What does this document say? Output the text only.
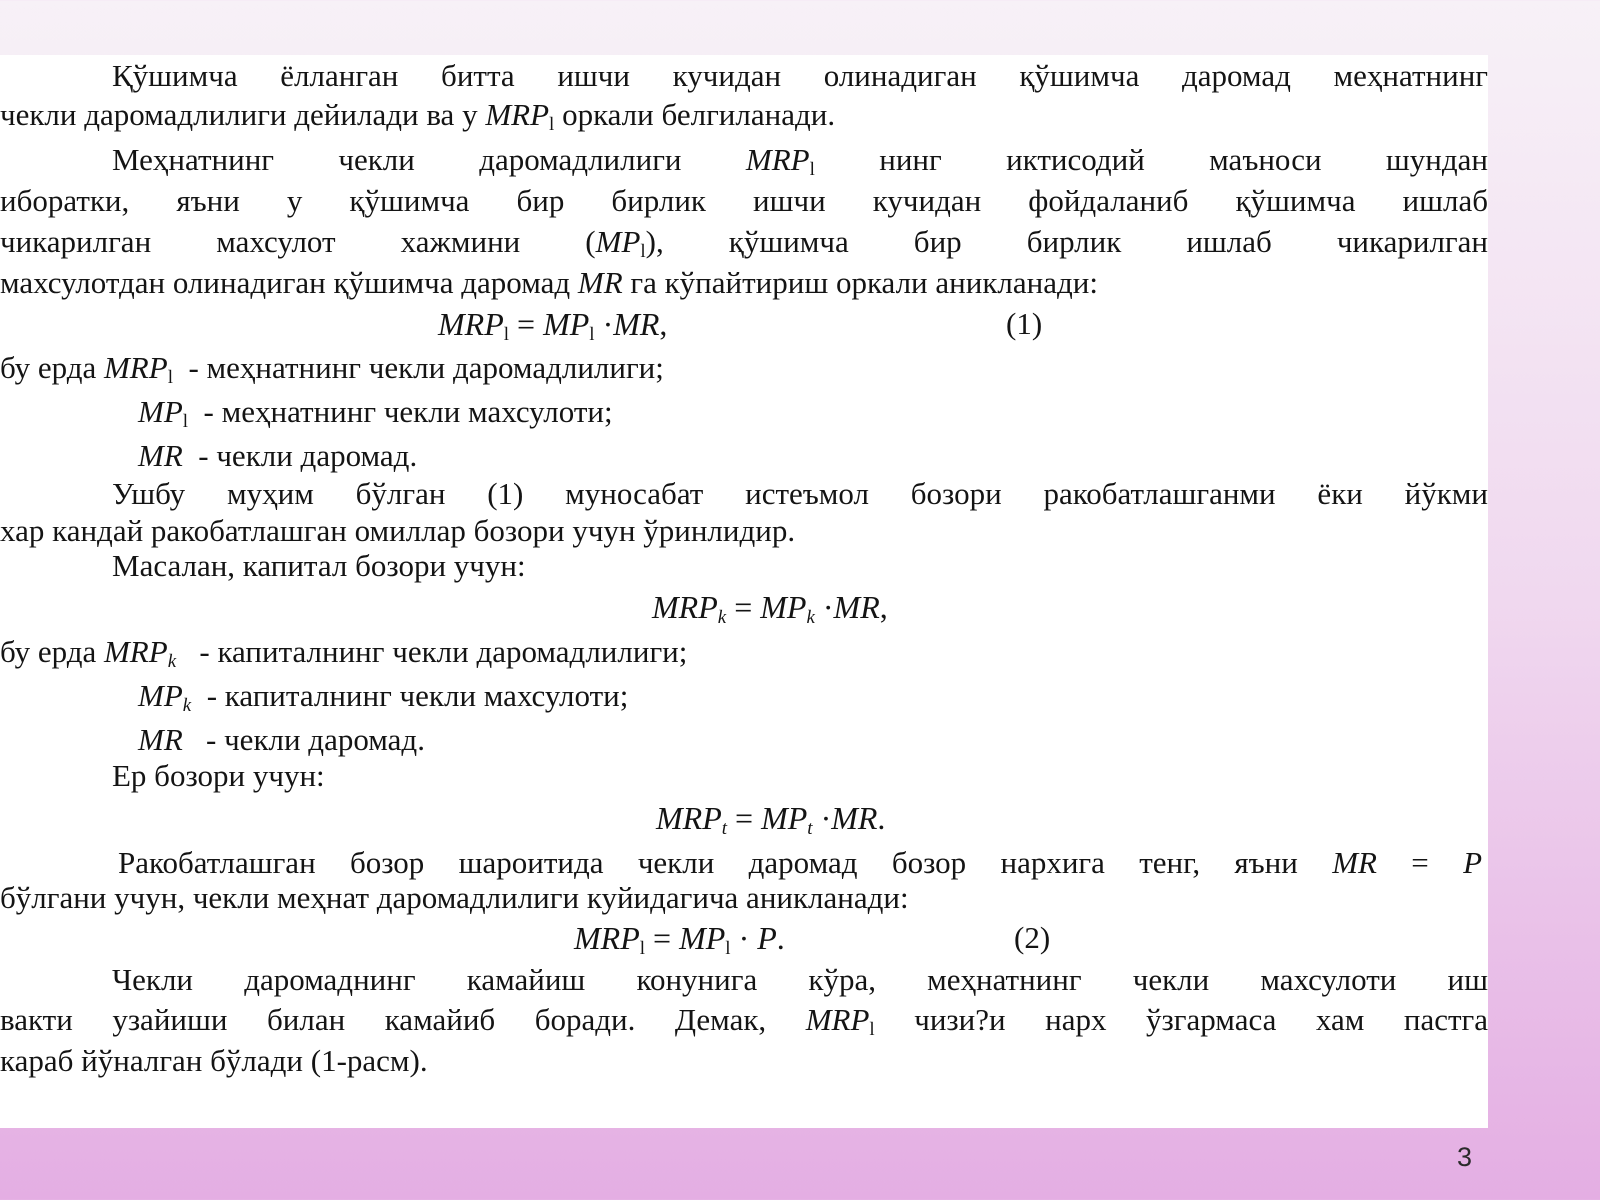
Қўшимча ёлланган битта ишчи кучидан олинадиган қўшимча даромад меҳнатнинг
чекли даромадлилиги дейилади ва у $MRP_l$ оркали белгиланади.
Меҳнатнинг чекли даромадлилиги $MRP_l$ нинг иктисодий маъноси шундан
иборатки, яъни у қўшимча бир бирлик ишчи кучидан фойдаланиб қўшимча ишлаб
чикарилган махсулот хажмини $(MP_l)$, қўшимча бир бирлик ишлаб чикарилган
махсулотдан олинадиган қўшимча даромад MR га кўпайтириш оркали аникланади:
$MRP_l = MP_l \cdot MR$,	(1)
бу ерда $MRP_l$ - меҳнатнинг чекли даромадлилиги;
$MP_l$ - меҳнатнинг чекли махсулоти;
MR - чекли даромад.
Ушбу муҳим бўлган (1) муносабат истеъмол бозори ракобатлашганми ёки йўкми
хар кандай ракобатлашган омиллар бозори учун ўринлидир.
Масалан, капитал бозори учун:
$MRP_k = MP_k \cdot MR$,
бу ерда $MRP_k$ - капиталнинг чекли даромадлилиги;
$MP_k$ - капиталнинг чекли махсулоти;
MR - чекли даромад.
Ер бозори учун:
$MRP_t = MP_t \cdot MR$.
Ракобатлашган бозор шароитида чекли даромад бозор нархига тенг, яъни MR = P
бўлгани учун, чекли меҳнат даромадлилиги куйидагича аникланади:
$MRP_l = MP_l \cdot P$.	(2)
Чекли даромаднинг камайиш конунига кўра, меҳнатнинг чекли махсулоти иш
вакти узайиши билан камайиб боради. Демак, $MRP_l$ чизи?и нарх ўзгармаса хам пастга
караб йўналган бўлади (1-расм).
3
